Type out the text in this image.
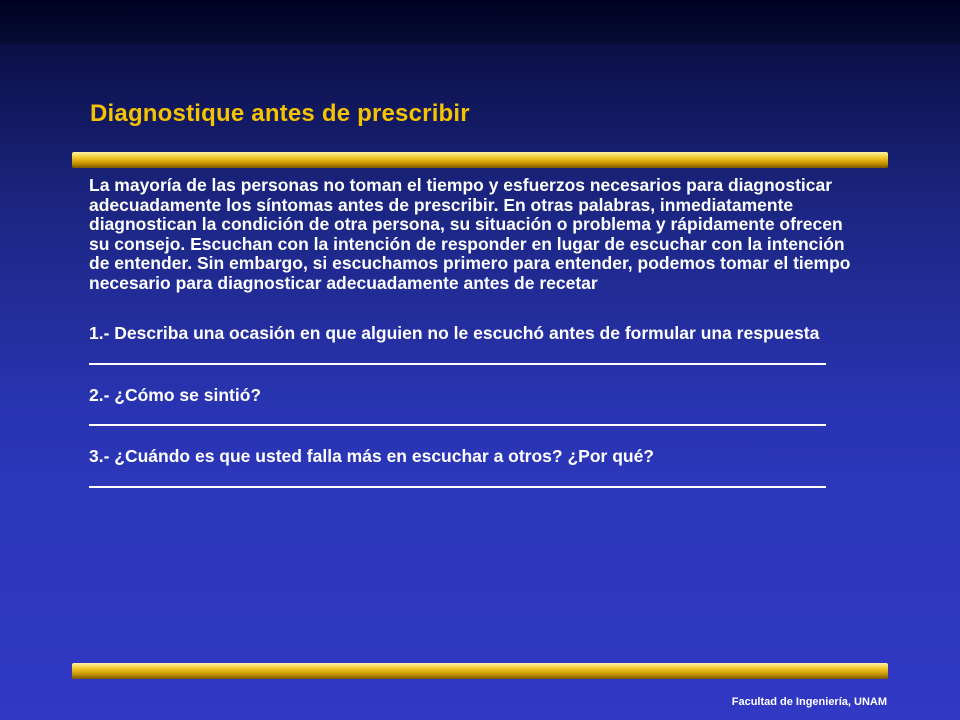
Diagnostique antes de prescribir

La mayoría de las personas no toman el tiempo y esfuerzos necesarios para diagnosticar adecuadamente los síntomas antes de prescribir. En otras palabras, inmediatamente diagnostican la condición de otra persona, su situación o problema y rápidamente ofrecen su consejo. Escuchan con la intención de responder en lugar de escuchar con la intención de entender. Sin embargo, si escuchamos primero para entender, podemos tomar el tiempo necesario para diagnosticar adecuadamente antes de recetar

1.- Describa una ocasión en que alguien no le escuchó antes de formular una respuesta
2.- ¿Cómo se sintió?
3.- ¿Cuándo es que usted falla más en escuchar a otros? ¿Por qué?
Facultad de Ingeniería, UNAM
